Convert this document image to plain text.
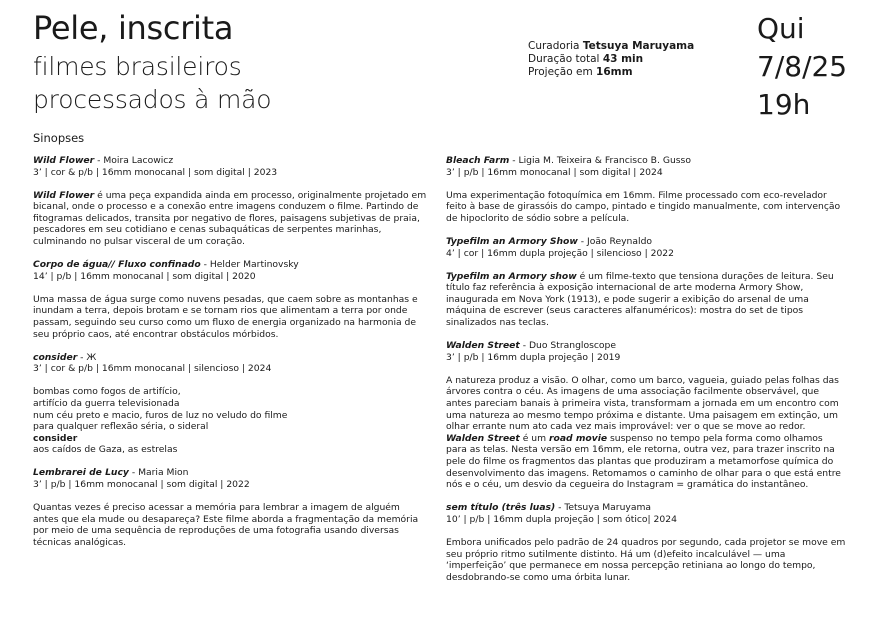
Pele, inscrita
filmes brasileiros
processados à mão
Curadoria Tetsuya Maruyama
Duração total 43 min
Projeção em 16mm
Qui
7/8/25
19h
Sinopses
Wild Flower - Moira Lacowicz
3’ | cor & p/b | 16mm monocanal | som digital | 2023

Wild Flower é uma peça expandida ainda em processo, originalmente projetado em bicanal, onde o processo e a conexão entre imagens conduzem o filme. Partindo de fitogramas delicados, transita por negativo de flores, paisagens subjetivas de praia, pescadores em seu cotidiano e cenas subaquáticas de serpentes marinhas, culminando no pulsar visceral de um coração.

Corpo de água// Fluxo confinado - Helder Martinovsky
14’ | p/b | 16mm monocanal | som digital | 2020

Uma massa de água surge como nuvens pesadas, que caem sobre as montanhas e inundam a terra, depois brotam e se tornam rios que alimentam a terra por onde passam, seguindo seu curso como um fluxo de energia organizado na harmonia de seu próprio caos, até encontrar obstáculos mórbidos.

consider - Ж
3’ | cor & p/b | 16mm monocanal | silencioso | 2024
bombas como fogos de artifício,
artifício da guerra televisionada
num céu preto e macio, furos de luz no veludo do filme
para qualquer reflexão séria, o sideral
consider
aos caídos de Gaza, as estrelas
Lembrarei de Lucy - Maria Mion
3’ | p/b | 16mm monocanal | som digital | 2022

Quantas vezes é preciso acessar a memória para lembrar a imagem de alguém antes que ela mude ou desapareça? Este filme aborda a fragmentação da memória por meio de uma sequência de reproduções de uma fotografia usando diversas técnicas analógicas.

Bleach Farm - Ligia M. Teixeira & Francisco B. Gusso
3’ | p/b | 16mm monocanal | som digital | 2024

Uma experimentação fotoquímica em 16mm. Filme processado com eco-revelador feito à base de girassóis do campo, pintado e tingido manualmente, com intervenção de hipoclorito de sódio sobre a película.

Typefilm an Armory Show - João Reynaldo
4’ | cor | 16mm dupla projeção | silencioso | 2022

Typefilm an Armory show é um filme-texto que tensiona durações de leitura. Seu título faz referência à exposição internacional de arte moderna Armory Show, inaugurada em Nova York (1913), e pode sugerir a exibição do arsenal de uma máquina de escrever (seus caracteres alfanuméricos): mostra do set de tipos sinalizados nas teclas.

Walden Street - Duo Strangloscope
3’ | p/b | 16mm dupla projeção | 2019

A natureza produz a visão. O olhar, como um barco, vagueia, guiado pelas folhas das árvores contra o céu. As imagens de uma associação facilmente observável, que antes pareciam banais à primeira vista, transformam a jornada em um encontro com uma natureza ao mesmo tempo próxima e distante. Uma paisagem em extinção, um olhar errante num ato cada vez mais improvável: ver o que se move ao redor. Walden Street é um road movie suspenso no tempo pela forma como olhamos para as telas. Nesta versão em 16mm, ele retorna, outra vez, para trazer inscrito na pele do filme os fragmentos das plantas que produziram a metamorfose química do desenvolvimento das imagens. Retomamos o caminho de olhar para o que está entre nós e o céu, um desvio da cegueira do Instagram = gramática do instantâneo.

sem título (três luas) - Tetsuya Maruyama
10’ | p/b | 16mm dupla projeção | som ótico| 2024

Embora unificados pelo padrão de 24 quadros por segundo, cada projetor se move em seu próprio ritmo sutilmente distinto. Há um (d)efeito incalculável — uma ‘imperfeição’ que permanece em nossa percepção retiniana ao longo do tempo, desdobrando-se como uma órbita lunar.
